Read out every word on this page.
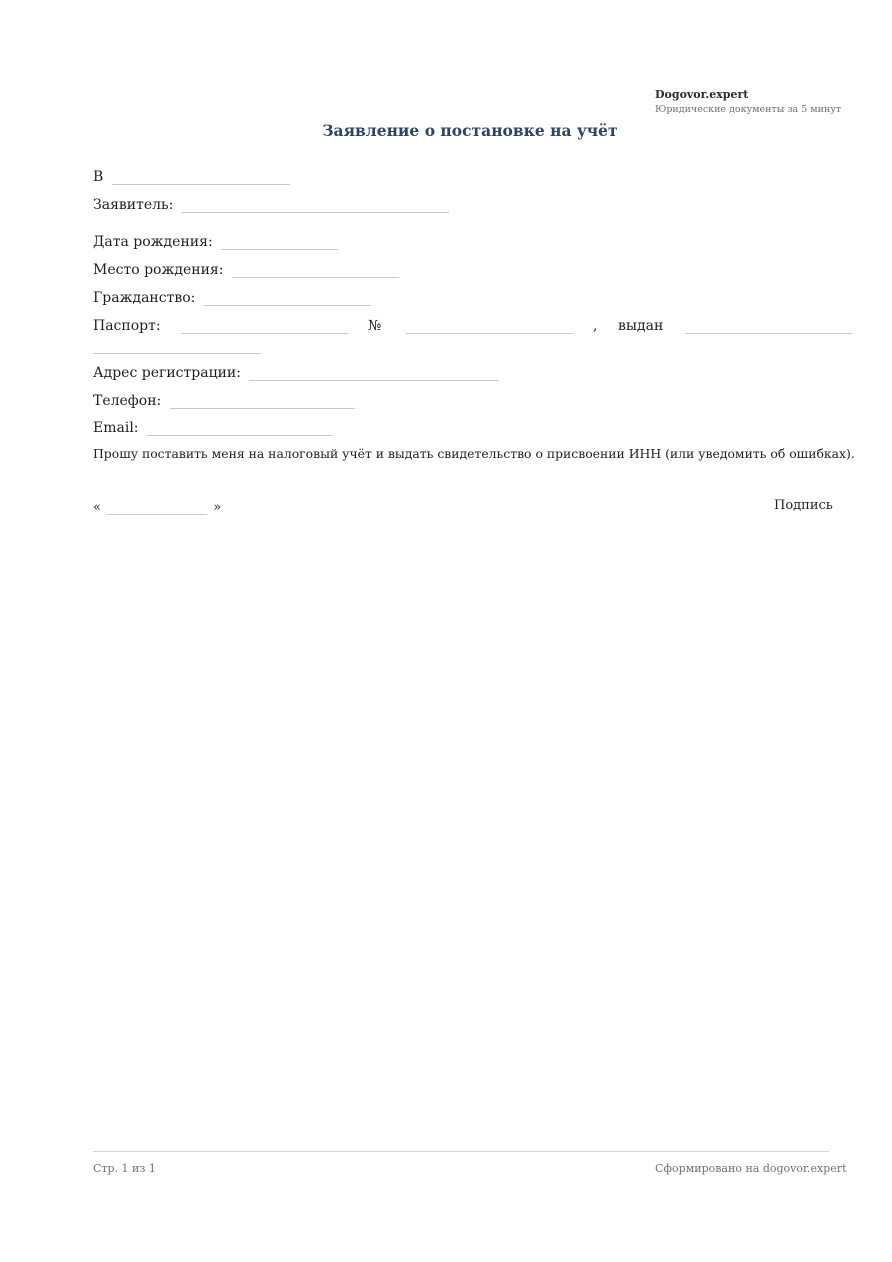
Dogovor.expert
Юридические документы за 5 минут
Заявление о постановке на учёт
В
Заявитель:
Дата рождения:
Место рождения:
Гражданство:
Паспорт:	№	, выдан
Адрес регистрации:
Телефон:
Email:
Прошу поставить меня на налоговый учёт и выдать свидетельство о присвоении ИНН (или уведомить об ошибках).
«	»	Подпись
Стр. 1 из 1	Сформировано на dogovor.expert
